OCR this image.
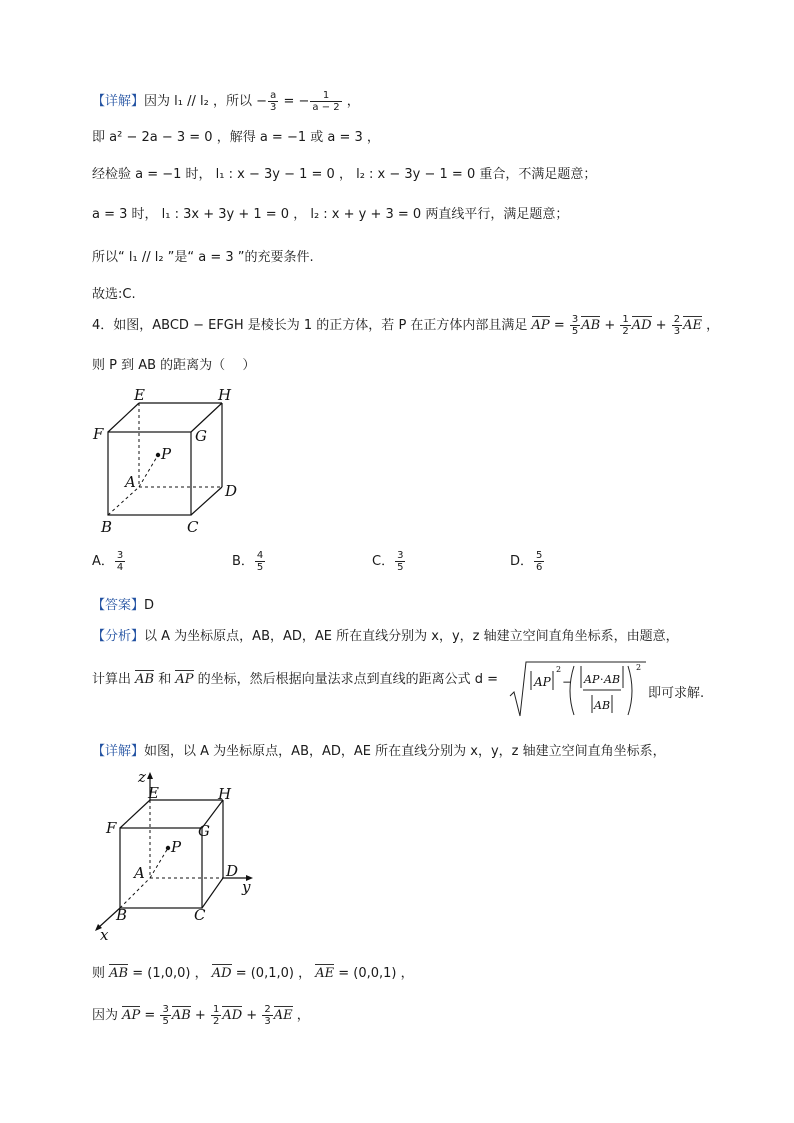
【详解】因为 l₁ // l₂ ，所以 − $\frac{a}{3}$ = − $\frac{1}{a - 2}$ ，
即 a² − 2a − 3 = 0 ，解得 a = −1 或 a = 3 ，
经检验 a = −1 时， l₁ : x − 3y − 1 = 0 ， l₂ : x − 3y − 1 = 0 重合，不满足题意；
a = 3 时， l₁ : 3x + 3y + 1 = 0 ， l₂ : x + y + 3 = 0 两直线平行，满足题意；
所以“ l₁ // l₂ ”是“ a = 3 ”的充要条件.
故选:C.
4．如图，ABCD − EFGH 是棱长为 1 的正方体，若 P 在正方体内部且满足 AP = $\frac{3}{5}$ AB + $\frac{1}{2}$ AD + $\frac{2}{3}$ AE ，
则 P 到 AB 的距离为（　 ）
E	H
F	G
P
A	D
B	C
A． $\frac{3}{4}$	B． $\frac{4}{5}$	C． $\frac{3}{5}$	D． $\frac{5}{6}$
【答案】D
【分析】以 A 为坐标原点，AB，AD，AE 所在直线分别为 x，y，z 轴建立空间直角坐标系，由题意，
计算出 AB 和 AP 的坐标，然后根据向量法求点到直线的距离公式 d =	AP
2
− AP · AB
AB
2
即可求解.
【详解】如图，以 A 为坐标原点，AB，AD，AE 所在直线分别为 x，y，z 轴建立空间直角坐标系，
z
E	H
F	G
P
A	D
y
B	C
x
则 AB = (1,0,0) ， AD = (0,1,0) ， AE = (0,0,1) ，
因为 AP = $\frac{3}{5}$ AB + $\frac{1}{2}$ AD + $\frac{2}{3}$ AE ，
